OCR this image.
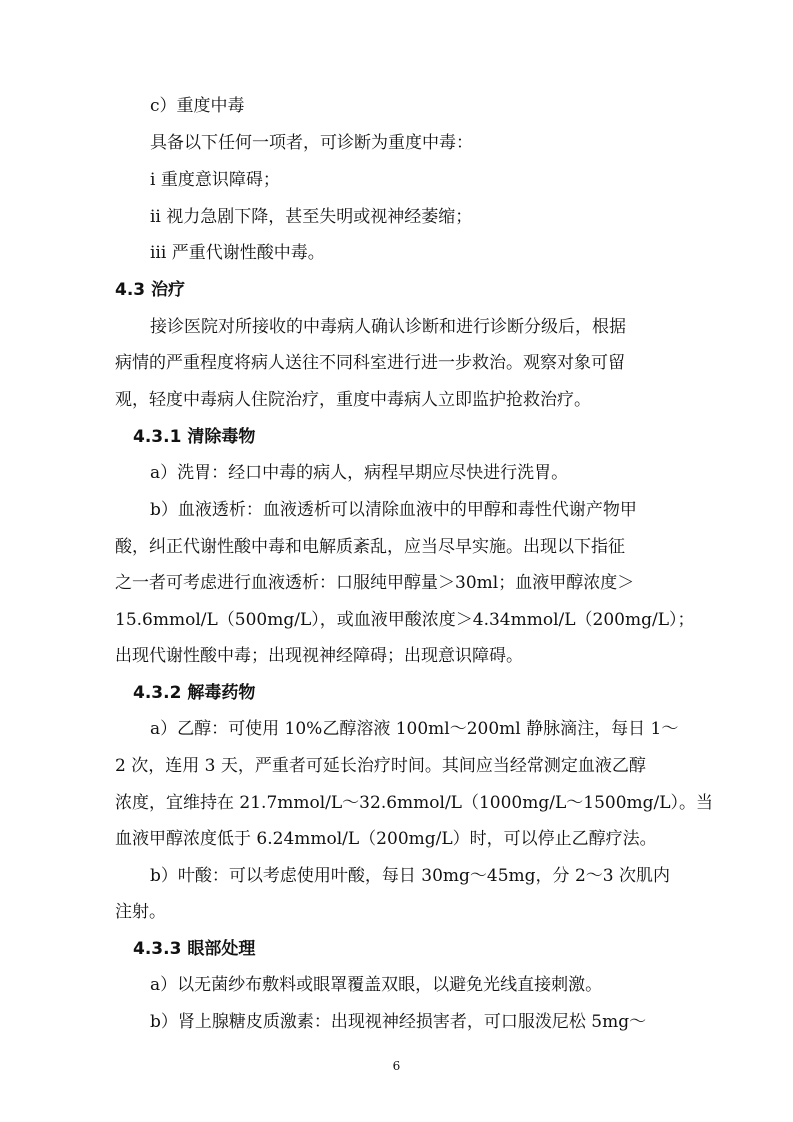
c）重度中毒
具备以下任何一项者，可诊断为重度中毒：
i 重度意识障碍；
ii 视力急剧下降，甚至失明或视神经萎缩；
iii 严重代谢性酸中毒。
4.3 治疗
接诊医院对所接收的中毒病人确认诊断和进行诊断分级后，根据
病情的严重程度将病人送往不同科室进行进一步救治。观察对象可留
观，轻度中毒病人住院治疗，重度中毒病人立即监护抢救治疗。
4.3.1 清除毒物
a）洗胃：经口中毒的病人，病程早期应尽快进行洗胃。
b）血液透析：血液透析可以清除血液中的甲醇和毒性代谢产物甲
酸，纠正代谢性酸中毒和电解质紊乱，应当尽早实施。出现以下指征
之一者可考虑进行血液透析：口服纯甲醇量＞30ml；血液甲醇浓度＞
15.6mmol/L（500mg/L），或血液甲酸浓度＞4.34mmol/L（200mg/L）；
出现代谢性酸中毒；出现视神经障碍；出现意识障碍。
4.3.2 解毒药物
a）乙醇：可使用 10%乙醇溶液 100ml～200ml 静脉滴注，每日 1～
2 次，连用 3 天，严重者可延长治疗时间。其间应当经常测定血液乙醇
浓度，宜维持在 21.7mmol/L～32.6mmol/L（1000mg/L～1500mg/L）。当
血液甲醇浓度低于 6.24mmol/L（200mg/L）时，可以停止乙醇疗法。
b）叶酸：可以考虑使用叶酸，每日 30mg～45mg，分 2～3 次肌内
注射。
4.3.3 眼部处理
a）以无菌纱布敷料或眼罩覆盖双眼，以避免光线直接刺激。
b）肾上腺糖皮质激素：出现视神经损害者，可口服泼尼松 5mg～
6
